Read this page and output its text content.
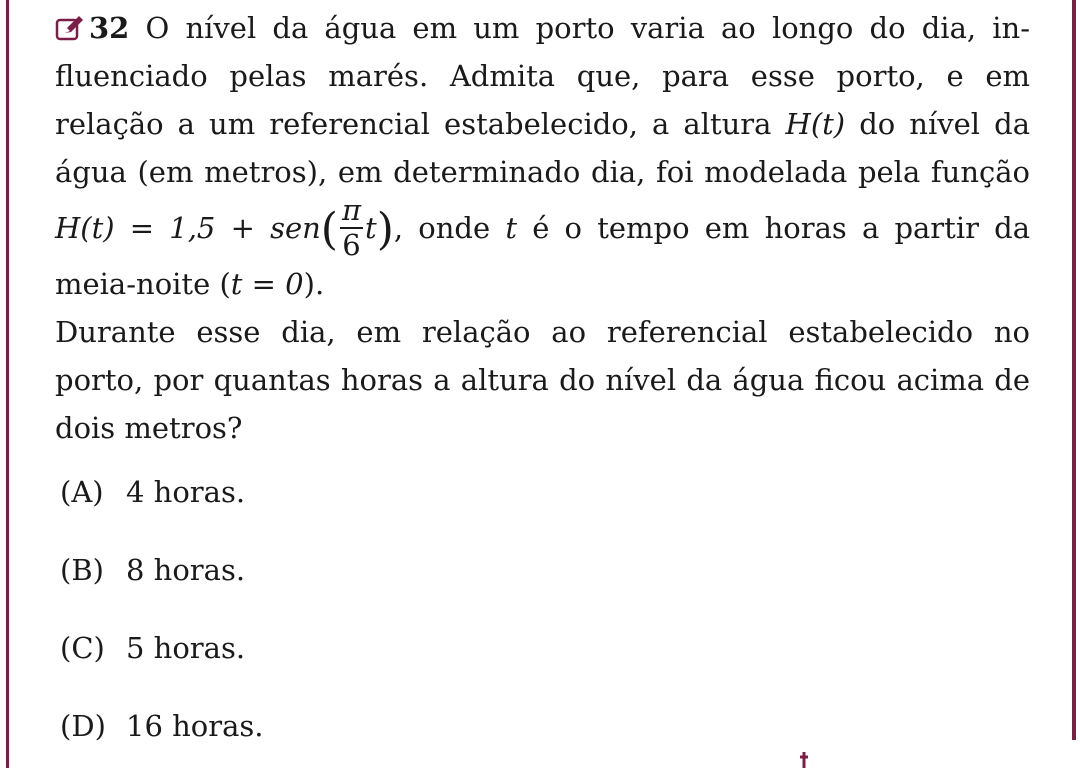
32 O nível da água em um porto varia ao longo do dia, in-fluenciado pelas marés. Admita que, para esse porto, e em relação a um referencial estabelecido, a altura H(t) do nível da água (em metros), em determinado dia, foi modelada pela função $H(t) = 1,5 + sen( \frac{\pi}{6} t)$, onde t é o tempo em horas a partir da meia-noite (t = 0).

Durante esse dia, em relação ao referencial estabelecido no porto, por quantas horas a altura do nível da água ficou acima de dois metros?

(A) 4 horas.
(B) 8 horas.
(C) 5 horas.
(D) 16 horas.
